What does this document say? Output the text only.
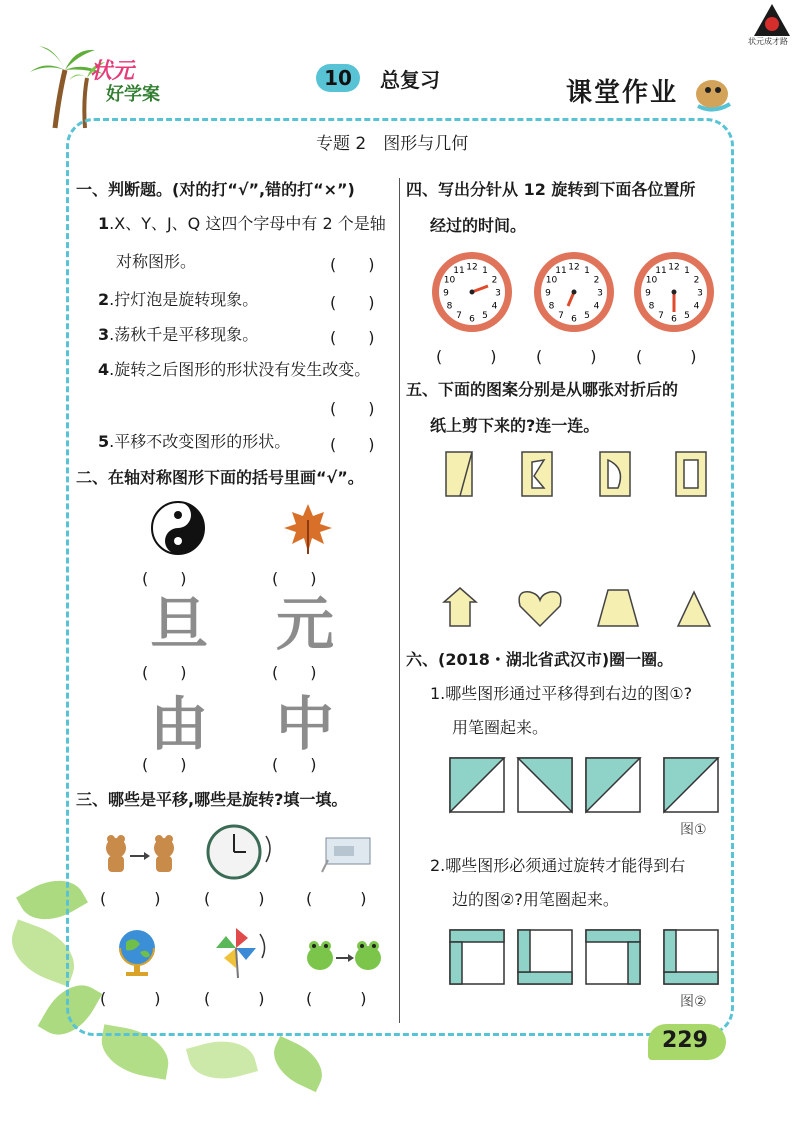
状元
好学案
10	总复习	课堂作业
状元成才路
专题 2　图形与几何
一、判断题。(对的打“√”,错的打“×”)
1.X、Y、J、Q 这四个字母中有 2 个是轴
对称图形。	(　　)
2.拧灯泡是旋转现象。	(　　)
3.荡秋千是平移现象。	(　　)
4.旋转之后图形的形状没有发生改变。
(　　)
5.平移不改变图形的形状。 (　　)
二、在轴对称图形下面的括号里画“√”。
(　　)	(　　)
旦 元
(　　)	(　　)
由 中
(　　)	(　　)
三、哪些是平移,哪些是旋转?填一填。
(　　　)	(　　　)	(　　　)
(　　　)	(　　　)	(　　　)
四、写出分针从 12 旋转到下面各位置所
经过的时间。
12 1
2
3
4
5
6
7
8
9
10
11	12 1
2
3
4
5
6
7
8
9
10
11	12 1
2
3
4
5
6
7
8
9
10
11
(　　　) (　　　) (　　　)
五、下面的图案分别是从哪张对折后的
纸上剪下来的?连一连。
六、(2018・湖北省武汉市)圈一圈。
1.哪些图形通过平移得到右边的图①?
用笔圈起来。
图①
2.哪些图形必须通过旋转才能得到右
边的图②?用笔圈起来。
图②
229
